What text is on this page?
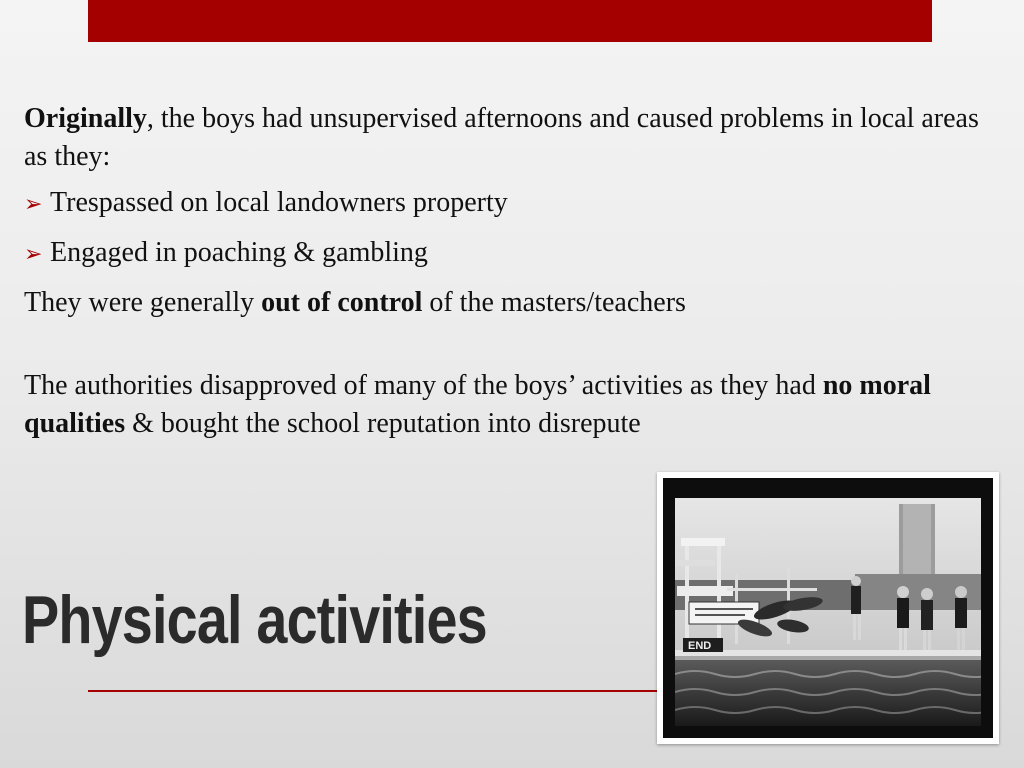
Originally, the boys had unsupervised afternoons and caused problems in local areas as they:

➢ Trespassed on local landowners property

➢ Engaged in poaching & gambling

They were generally out of control of the masters/teachers

The authorities disapproved of many of the boys’ activities as they had no moral qualities & bought the school reputation into disrepute

Physical activities	END
